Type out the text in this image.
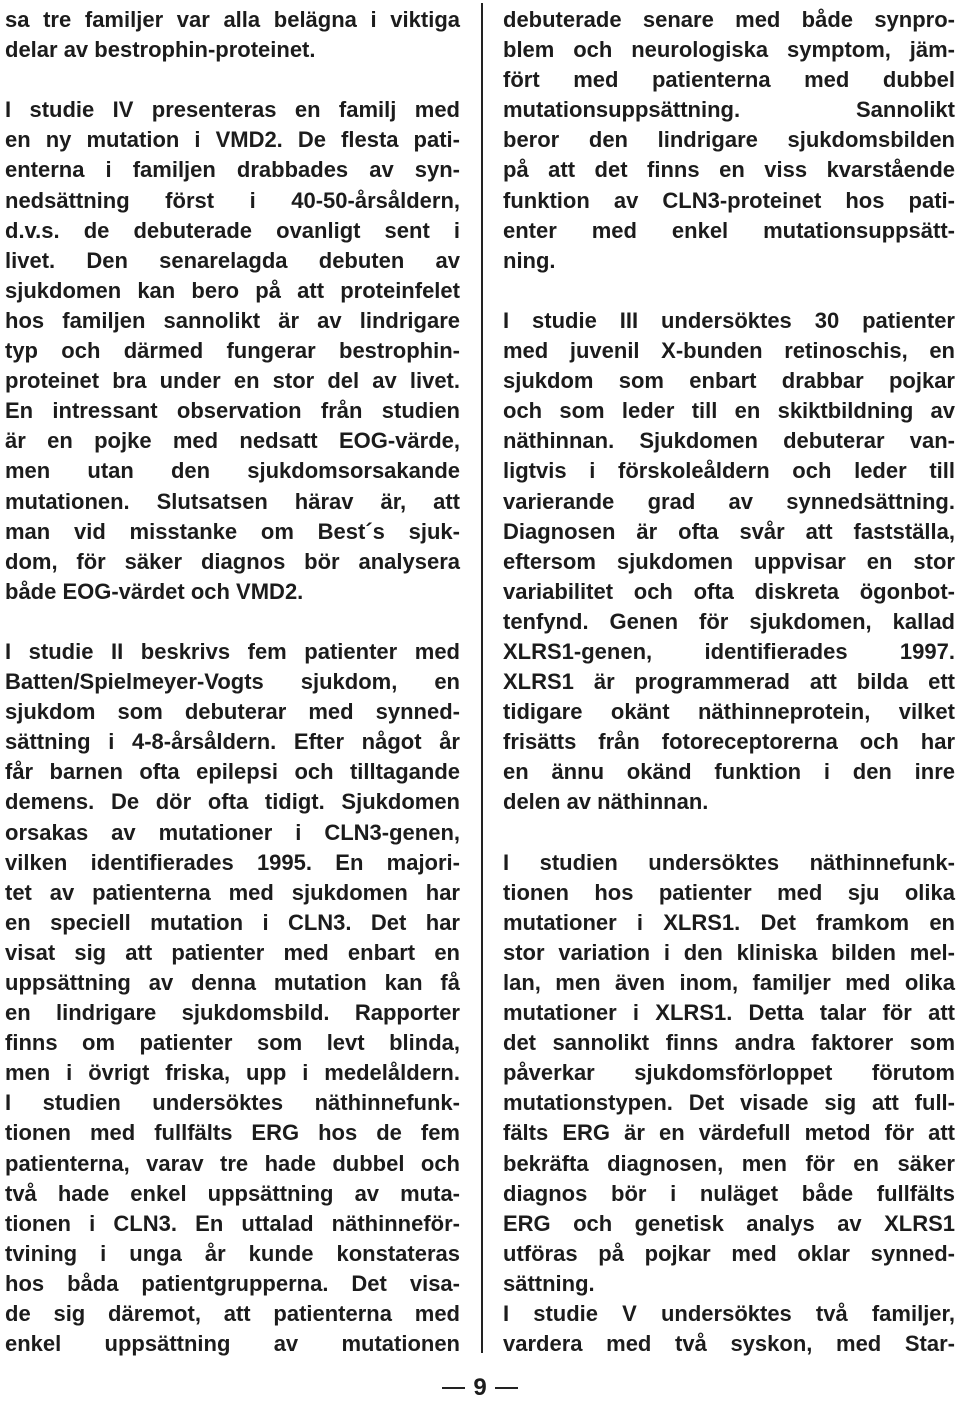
sa tre familjer var alla belägna i viktiga
delar av bestrophin-proteinet.
I studie IV presenteras en familj med
en ny mutation i VMD2. De flesta pati-
enterna i familjen drabbades av syn-
nedsättning först i 40-50-årsåldern,
d.v.s. de debuterade ovanligt sent i
livet. Den senarelagda debuten av
sjukdomen kan bero på att proteinfelet
hos familjen sannolikt är av lindrigare
typ och därmed fungerar bestrophin-
proteinet bra under en stor del av livet.
En intressant observation från studien
är en pojke med nedsatt EOG-värde,
men utan den sjukdomsorsakande
mutationen. Slutsatsen härav är, att
man vid misstanke om Best´s sjuk-
dom, för säker diagnos bör analysera
både EOG-värdet och VMD2.
I studie II beskrivs fem patienter med
Batten/Spielmeyer-Vogts sjukdom, en
sjukdom som debuterar med synned-
sättning i 4-8-årsåldern. Efter något år
får barnen ofta epilepsi och tilltagande
demens. De dör ofta tidigt. Sjukdomen
orsakas av mutationer i CLN3-genen,
vilken identifierades 1995. En majori-
tet av patienterna med sjukdomen har
en speciell mutation i CLN3. Det har
visat sig att patienter med enbart en
uppsättning av denna mutation kan få
en lindrigare sjukdomsbild. Rapporter
finns om patienter som levt blinda,
men i övrigt friska, upp i medelåldern.
I studien undersöktes näthinnefunk-
tionen med fullfälts ERG hos de fem
patienterna, varav tre hade dubbel och
två hade enkel uppsättning av muta-
tionen i CLN3. En uttalad näthinneför-
tvining i unga år kunde konstateras
hos båda patientgrupperna. Det visa-
de sig däremot, att patienterna med
enkel uppsättning av mutationen
debuterade senare med både synpro-
blem och neurologiska symptom, jäm-
fört med patienterna med dubbel
mutationsuppsättning. Sannolikt
beror den lindrigare sjukdomsbilden
på att det finns en viss kvarstående
funktion av CLN3-proteinet hos pati-
enter med enkel mutationsuppsätt-
ning.
I studie III undersöktes 30 patienter
med juvenil X-bunden retinoschis, en
sjukdom som enbart drabbar pojkar
och som leder till en skiktbildning av
näthinnan. Sjukdomen debuterar van-
ligtvis i förskoleåldern och leder till
varierande grad av synnedsättning.
Diagnosen är ofta svår att fastställa,
eftersom sjukdomen uppvisar en stor
variabilitet och ofta diskreta ögonbot-
tenfynd. Genen för sjukdomen, kallad
XLRS1-genen, identifierades 1997.
XLRS1 är programmerad att bilda ett
tidigare okänt näthinneprotein, vilket
frisätts från fotoreceptorerna och har
en ännu okänd funktion i den inre
delen av näthinnan.
I studien undersöktes näthinnefunk-
tionen hos patienter med sju olika
mutationer i XLRS1. Det framkom en
stor variation i den kliniska bilden mel-
lan, men även inom, familjer med olika
mutationer i XLRS1. Detta talar för att
det sannolikt finns andra faktorer som
påverkar sjukdomsförloppet förutom
mutationstypen. Det visade sig att full-
fälts ERG är en värdefull metod för att
bekräfta diagnosen, men för en säker
diagnos bör i nuläget både fullfälts
ERG och genetisk analys av XLRS1
utföras på pojkar med oklar synned-
sättning.
I studie V undersöktes två familjer,
vardera med två syskon, med Star-
9
